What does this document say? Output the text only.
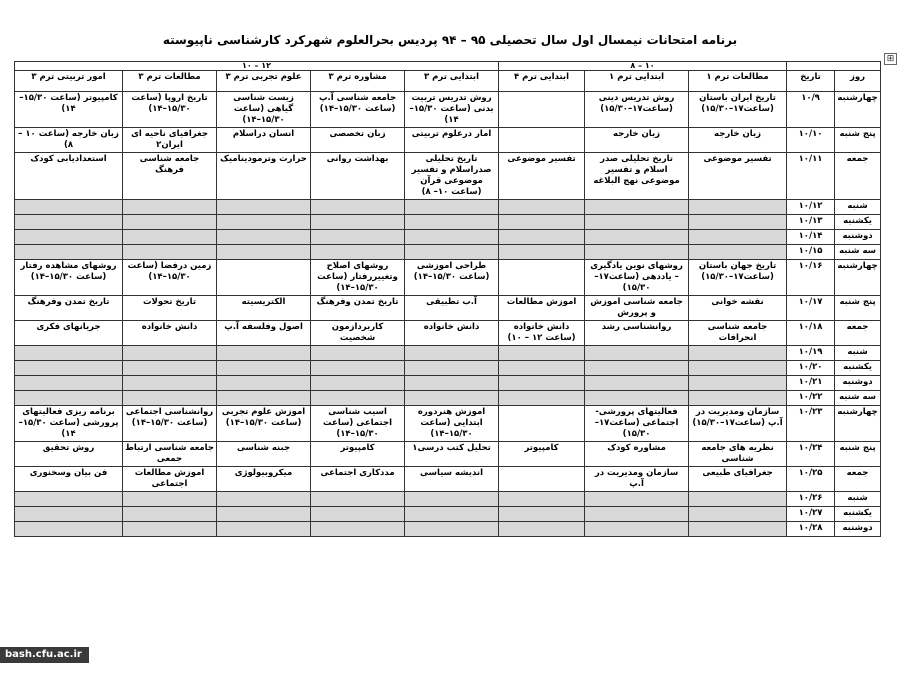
برنامه امتحانات نیمسال اول سال تحصیلی ۹۵ – ۹۴ پردیس بحرالعلوم شهرکرد کارشناسی ناپیوسته
⊞
		۱۰ – ۸			۱۲ – ۱۰				
روز	تاریخ	مطالعات ترم ۱	ابتدایی ترم ۱	ابتدایی ترم ۴	ابتدایی ترم ۳	مشاوره ترم ۳	علوم تجربی ترم ۳	مطالعات ترم ۳	امور تربیتی ترم ۳
چهارشنبه	۱۰/۹	تاریخ ایران باستان (ساعت۱۷–۱۵/۳۰)	روش تدریس دینی (ساعت۱۷–۱۵/۳۰)		روش تدریس تربیت بدنی (ساعت ۱۵/۳۰–۱۴)	جامعه شناسی آ.پ (ساعت ۱۵/۳۰–۱۴)	زیست شناسی گیاهی (ساعت ۱۵/۳۰–۱۴)	تاریخ اروپا (ساعت ۱۵/۳۰–۱۴)	کامپیوتر (ساعت ۱۵/۳۰–۱۴)
پنج شنبه	۱۰/۱۰	زبان خارجه	زبان خارجه		امار درعلوم تربیتی	زبان تخصصی	انسان دراسلام	جغرافیای ناحیه ای ایران۲	زبان خارجه (ساعت ۱۰ – ۸)
جمعه	۱۰/۱۱	تفسیر موضوعی	تاریخ تحلیلی صدر اسلام و تفسیر موضوعی نهج البلاغه	تفسیر موضوعی	تاریخ تحلیلی صدراسلام و تفسیر موضوعی قرآن (ساعت ۱۰– ۸)	بهداشت روانی	حرارت وترمودینامیک	جامعه شناسی فرهنگ	استعدادیابی کودک
شنبه	۱۰/۱۲								
یکشنبه	۱۰/۱۳								
دوشنبه	۱۰/۱۴								
سه شنبه	۱۰/۱۵								
چهارشنبه	۱۰/۱۶	تاریخ جهان باستان (ساعت۱۷–۱۵/۳۰)	روشهای نوین یادگیری – یاددهی (ساعت۱۷–۱۵/۳۰)		طراحی اموزشی (ساعت ۱۵/۳۰–۱۴)	روشهای اصلاح وتغییررفتار (ساعت ۱۵/۳۰–۱۴)		زمین درفضا (ساعت ۱۵/۳۰–۱۴)	روشهای مشاهده رفتار (ساعت ۱۵/۳۰–۱۴)
پنج شنبه	۱۰/۱۷	نقشه خوانی	جامعه شناسی اموزش و پرورش	اموزش مطالعات	آ.ب تطبیقی	تاریخ تمدن وفرهنگ	الکتریسیته	تاریخ تحولات	تاریخ تمدن وفرهنگ
جمعه	۱۰/۱۸	جامعه شناسی انحرافات	روانشناسی رشد	دانش خانواده (ساعت ۱۲ – ۱۰)	دانش خانواده	کاربردازمون شخصیت	اصول وفلسفه آ.پ	دانش خانواده	جریانهای فکری
شنبه	۱۰/۱۹								
یکشنبه	۱۰/۲۰								
دوشنبه	۱۰/۲۱								
سه شنبه	۱۰/۲۲								
چهارشنبه	۱۰/۲۳	سازمان ومدیریت در آ.پ (ساعت۱۷–۱۵/۳۰)	فعالیتهای پرورشی- اجتماعی (ساعت۱۷–۱۵/۳۰)		اموزش هنردوره ابتدایی (ساعت ۱۵/۳۰–۱۴)	اسیب شناسی اجتماعی (ساعت ۱۵/۳۰–۱۴)	اموزش علوم تجربی (ساعت ۱۵/۳۰–۱۴)	روانشناسی اجتماعی (ساعت ۱۵/۳۰–۱۴)	برنامه ریزی فعالیتهای پرورشی (ساعت ۱۵/۳۰–۱۴)
پنج شنبه	۱۰/۲۴	نظریه های جامعه شناسی	مشاوره کودک	کامپیوتر	تحلیل کتب درسی۱	کامپیوتر	جبنه شناسی	جامعه شناسی ارتباط جمعی	روش تحقیق
جمعه	۱۰/۲۵	جغرافیای طبیعی	سازمان ومدیریت در آ.پ		اندیشه سیاسی	مددکاری اجتماعی	میکروبیولوژی	اموزش مطالعات اجتماعی	فن بیان وسخنوری
شنبه	۱۰/۲۶								
یکشنبه	۱۰/۲۷								
دوشنبه	۱۰/۲۸								
bash.cfu.ac.ir
